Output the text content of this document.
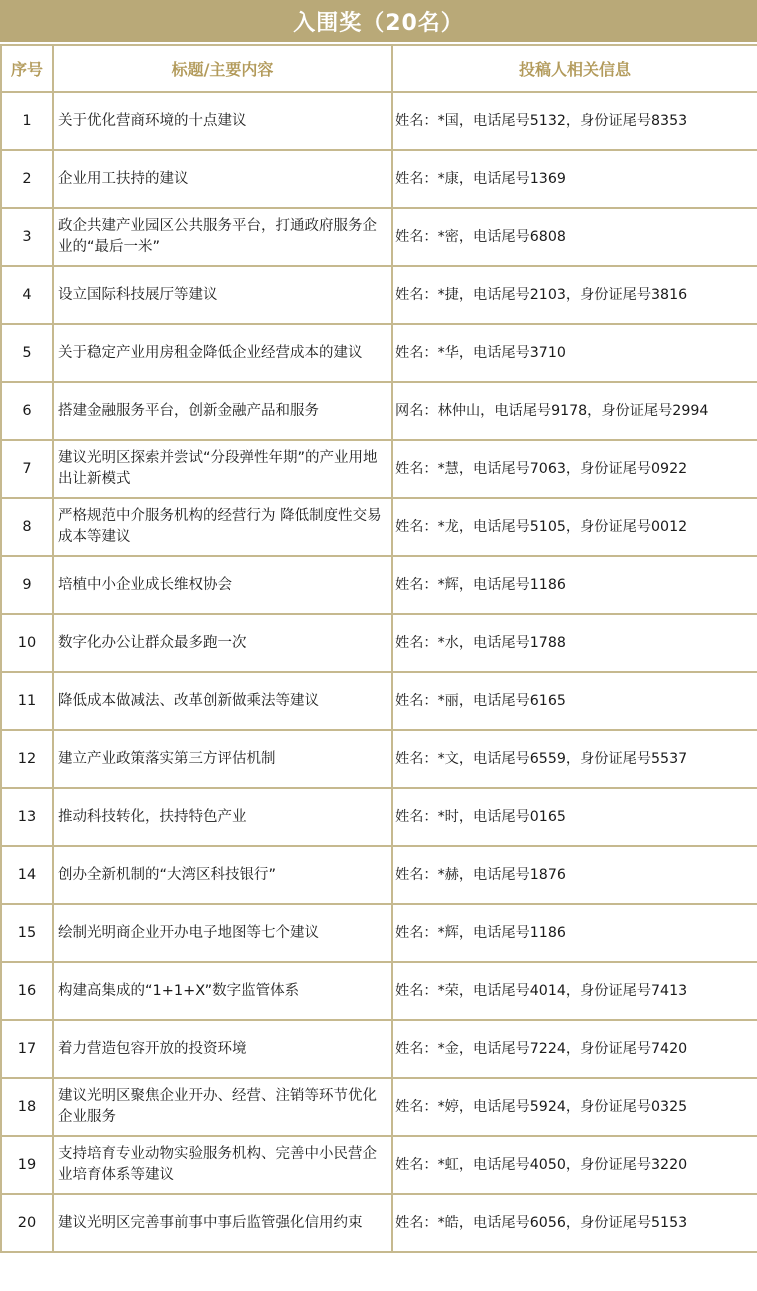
入围奖（20名）
序号	标题/主要内容	投稿人相关信息
1	关于优化营商环境的十点建议	姓名：*国，电话尾号5132，身份证尾号8353
2	企业用工扶持的建议	姓名：*康，电话尾号1369
3	政企共建产业园区公共服务平台，打通政府服务企业的“最后一米”	姓名：*密，电话尾号6808
4	设立国际科技展厅等建议	姓名：*捷，电话尾号2103，身份证尾号3816
5	关于稳定产业用房租金降低企业经营成本的建议	姓名：*华，电话尾号3710
6	搭建金融服务平台，创新金融产品和服务	网名：林仲山，电话尾号9178，身份证尾号2994
7	建议光明区探索并尝试“分段弹性年期”的产业用地出让新模式	姓名：*慧，电话尾号7063，身份证尾号0922
8	严格规范中介服务机构的经营行为 降低制度性交易成本等建议	姓名：*龙，电话尾号5105，身份证尾号0012
9	培植中小企业成长维权协会	姓名：*辉，电话尾号1186
10	数字化办公让群众最多跑一次	姓名：*水，电话尾号1788
11	降低成本做减法、改革创新做乘法等建议	姓名：*丽，电话尾号6165
12	建立产业政策落实第三方评估机制	姓名：*文，电话尾号6559，身份证尾号5537
13	推动科技转化，扶持特色产业	姓名：*时，电话尾号0165
14	创办全新机制的“大湾区科技银行”	姓名：*赫，电话尾号1876
15	绘制光明商企业开办电子地图等七个建议	姓名：*辉，电话尾号1186
16	构建高集成的“1+1+X”数字监管体系	姓名：*荣，电话尾号4014，身份证尾号7413
17	着力营造包容开放的投资环境	姓名：*金，电话尾号7224，身份证尾号7420
18	建议光明区聚焦企业开办、经营、注销等环节优化企业服务	姓名：*婷，电话尾号5924，身份证尾号0325
19	支持培育专业动物实验服务机构、完善中小民营企业培育体系等建议	姓名：*虹，电话尾号4050，身份证尾号3220
20	建议光明区完善事前事中事后监管强化信用约束	姓名：*皓，电话尾号6056，身份证尾号5153
